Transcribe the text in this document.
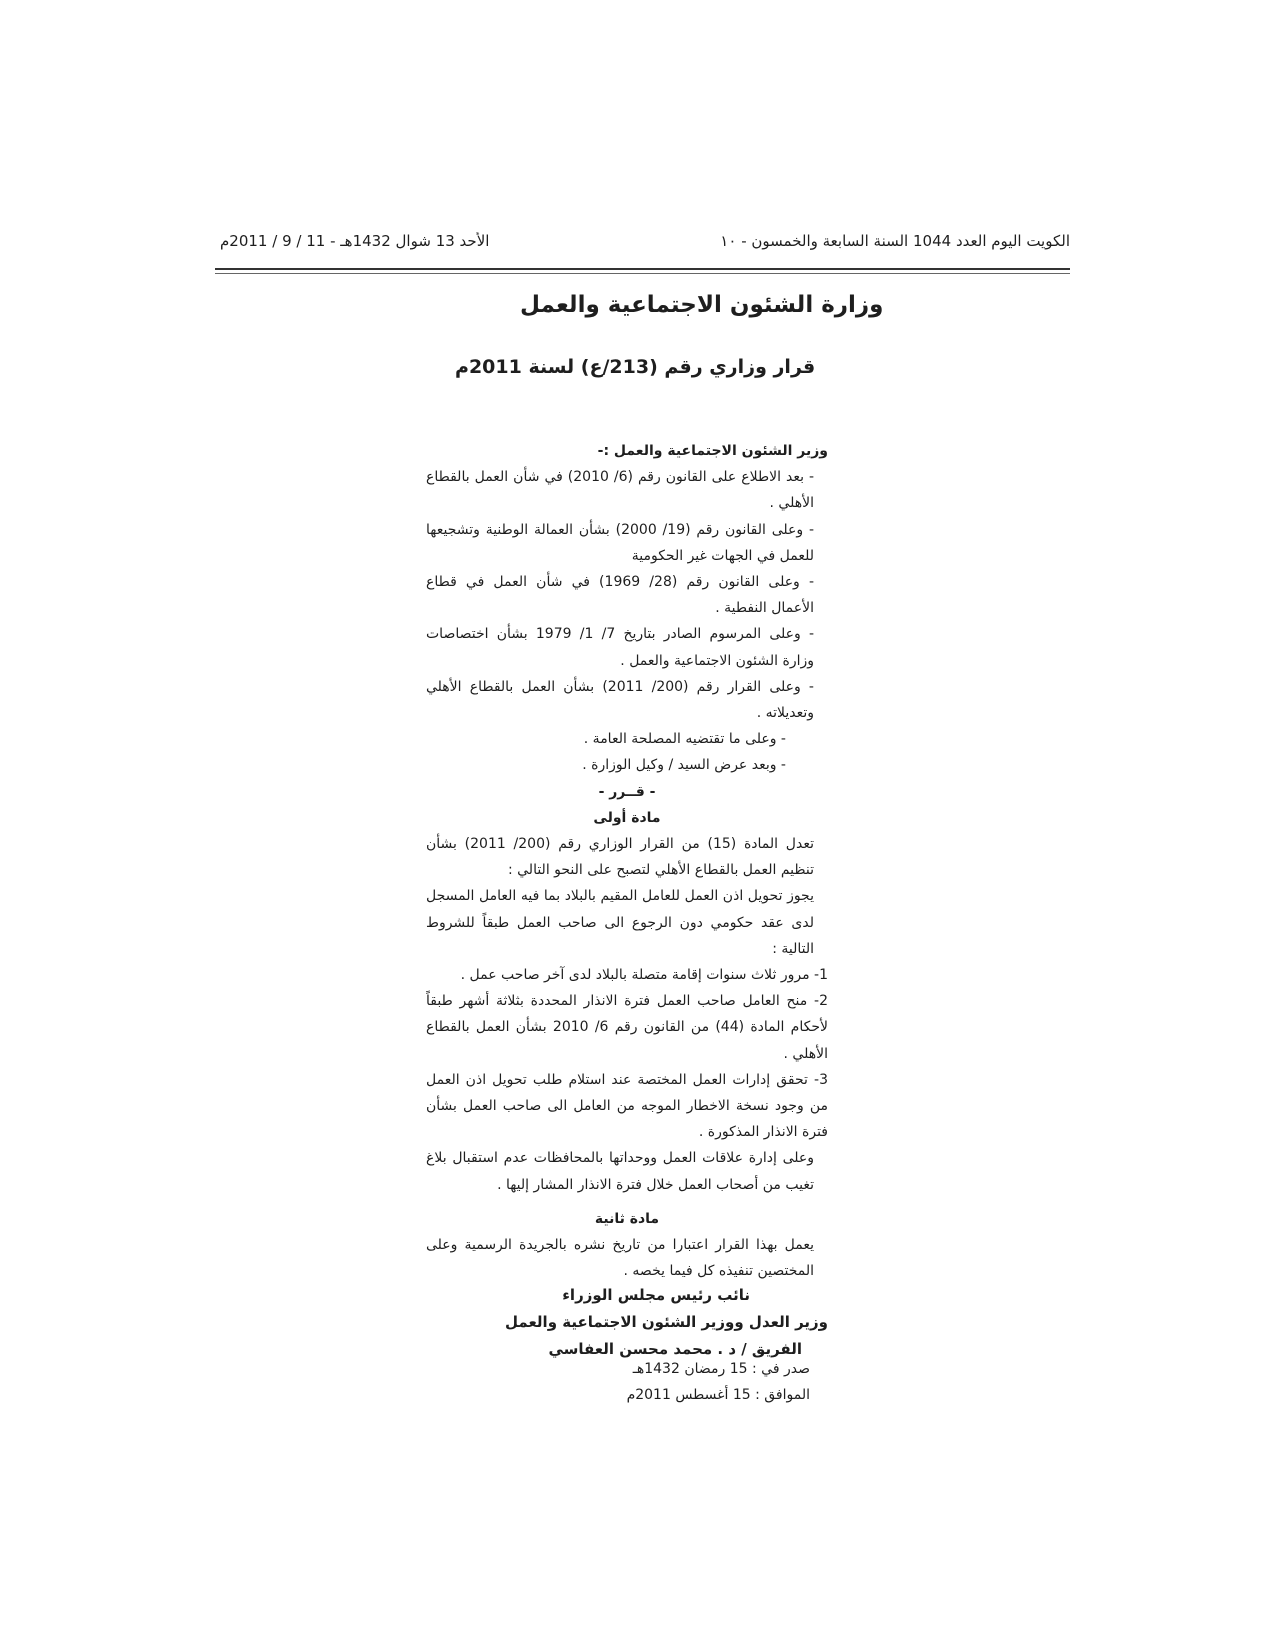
الكويت اليوم العدد 1044 السنة السابعة والخمسون - ١٠
الأحد 13 شوال 1432هـ - 11 / 9 / 2011م
وزارة الشئون الاجتماعية والعمل
قرار وزاري رقم (213/ع) لسنة 2011م

وزير الشئون الاجتماعية والعمل :-

- بعد الاطلاع على القانون رقم (6/ 2010) في شأن العمل بالقطاع الأهلي .

- وعلى القانون رقم (19/ 2000) بشأن العمالة الوطنية وتشجيعها للعمل في الجهات غير الحكومية

- وعلى القانون رقم (28/ 1969) في شأن العمل في قطاع الأعمال النفطية .

- وعلى المرسوم الصادر بتاريخ 7/ 1/ 1979 بشأن اختصاصات وزارة الشئون الاجتماعية والعمل .

- وعلى القرار رقم (200/ 2011) بشأن العمل بالقطاع الأهلي وتعديلاته .

- وعلى ما تقتضيه المصلحة العامة .

- وبعد عرض السيد / وكيل الوزارة .

- قــرر -

مادة أولى

تعدل المادة (15) من القرار الوزاري رقم (200/ 2011) بشأن تنظيم العمل بالقطاع الأهلي لتصبح على النحو التالي :

يجوز تحويل اذن العمل للعامل المقيم بالبلاد بما فيه العامل المسجل لدى عقد حكومي دون الرجوع الى صاحب العمل طبقاً للشروط التالية :

1- مرور ثلاث سنوات إقامة متصلة بالبلاد لدى آخر صاحب عمل .

2- منح العامل صاحب العمل فترة الانذار المحددة بثلاثة أشهر طبقاً لأحكام المادة (44) من القانون رقم 6/ 2010 بشأن العمل بالقطاع الأهلي .

3- تحقق إدارات العمل المختصة عند استلام طلب تحويل اذن العمل من وجود نسخة الاخطار الموجه من العامل الى صاحب العمل بشأن فترة الانذار المذكورة .

وعلى إدارة علاقات العمل ووحداتها بالمحافظات عدم استقبال بلاغ تغيب من أصحاب العمل خلال فترة الانذار المشار إليها .

مادة ثانية

يعمل بهذا القرار اعتبارا من تاريخ نشره بالجريدة الرسمية وعلى المختصين تنفيذه كل فيما يخصه .

نائب رئيس مجلس الوزراء

وزير العدل ووزير الشئون الاجتماعية والعمل

الفريق / د . محمد محسن العفاسي

صدر في : 15 رمضان 1432هـ

الموافق : 15 أغسطس 2011م
